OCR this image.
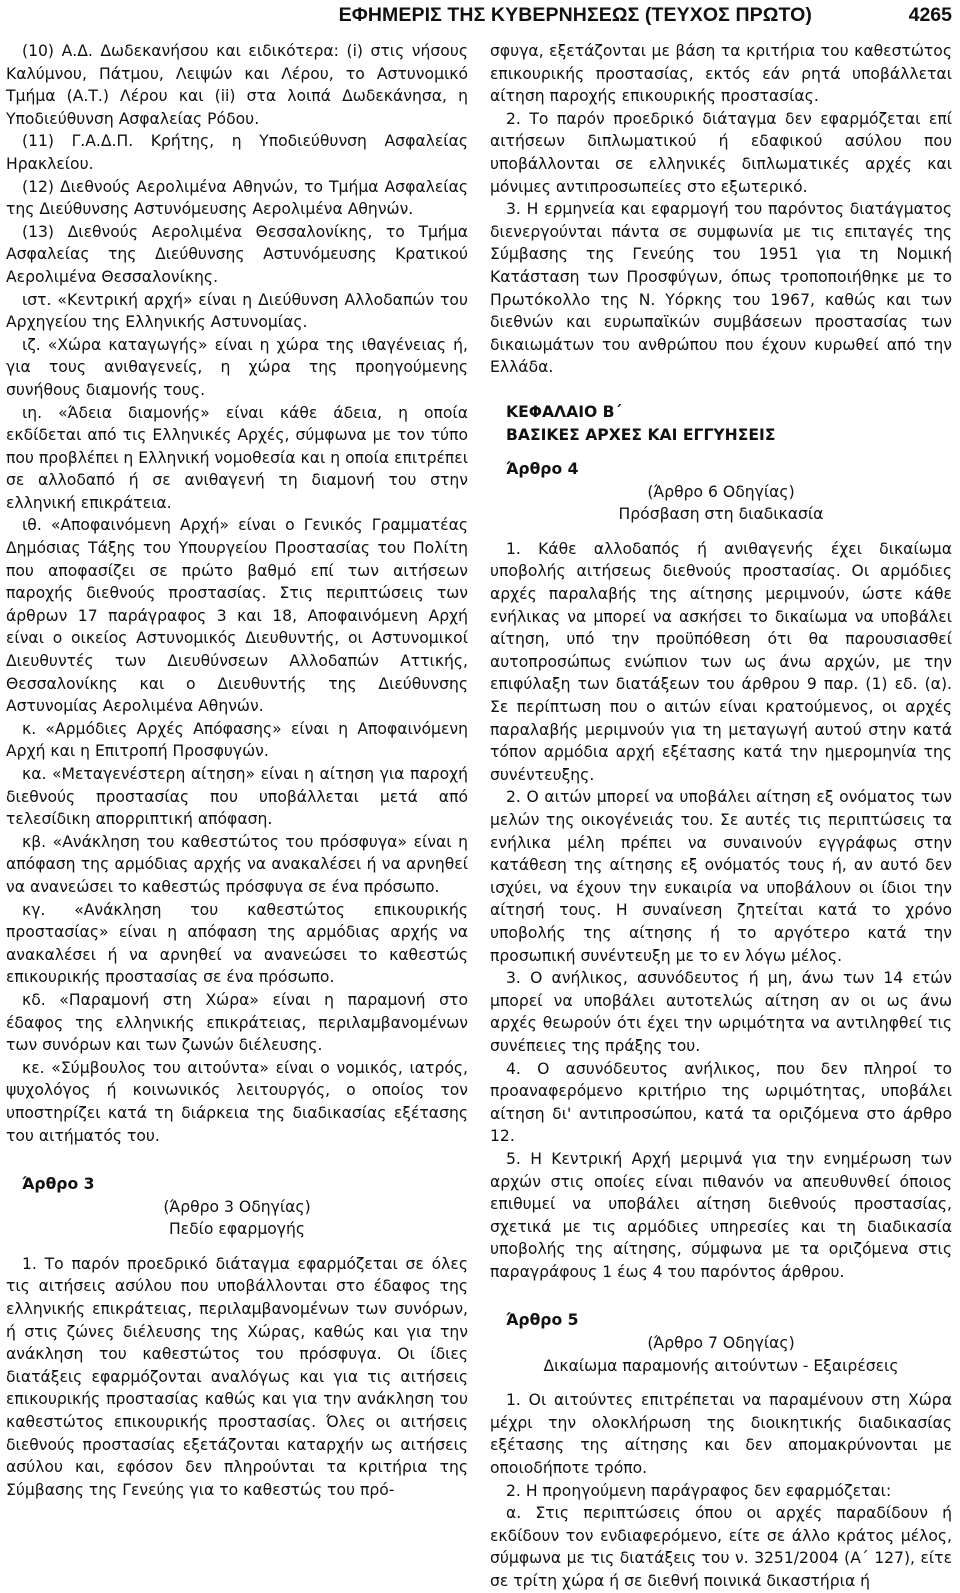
ΕΦΗΜΕΡΙΣ ΤΗΣ ΚΥΒΕΡΝΗΣΕΩΣ (ΤΕΥΧΟΣ ΠΡΩΤΟ)	4265

(10) Α.Δ. Δωδεκανήσου και ειδικότερα: (i) στις νήσους Καλύμνου, Πάτμου, Λειψών και Λέρου, το Αστυνομικό Τμήμα (Α.Τ.) Λέρου και (ii) στα λοιπά Δωδεκάνησα, η Υποδιεύθυνση Ασφαλείας Ρόδου.

(11) Γ.Α.Δ.Π. Κρήτης, η Υποδιεύθυνση Ασφαλείας Ηρακλείου.

(12) Διεθνούς Αερολιμένα Αθηνών, το Τμήμα Ασφαλείας της Διεύθυνσης Αστυνόμευσης Αερολιμένα Αθηνών.

(13) Διεθνούς Αερολιμένα Θεσσαλονίκης, το Τμήμα Ασφαλείας της Διεύθυνσης Αστυνόμευσης Κρατικού Αερολιμένα Θεσσαλονίκης.

ιστ. «Κεντρική αρχή» είναι η Διεύθυνση Αλλοδαπών του Αρχηγείου της Ελληνικής Αστυνομίας.

ιζ. «Χώρα καταγωγής» είναι η χώρα της ιθαγένειας ή, για τους ανιθαγενείς, η χώρα της προηγούμενης συνήθους διαμονής τους.

ιη. «Άδεια διαμονής» είναι κάθε άδεια, η οποία εκδίδεται από τις Ελληνικές Αρχές, σύμφωνα με τον τύπο που προβλέπει η Ελληνική νομοθεσία και η οποία επιτρέπει σε αλλοδαπό ή σε ανιθαγενή τη διαμονή του στην ελληνική επικράτεια.

ιθ. «Αποφαινόμενη Αρχή» είναι ο Γενικός Γραμματέας Δημόσιας Τάξης του Υπουργείου Προστασίας του Πολίτη που αποφασίζει σε πρώτο βαθμό επί των αιτήσεων παροχής διεθνούς προστασίας. Στις περιπτώσεις των άρθρων 17 παράγραφος 3 και 18, Αποφαινόμενη Αρχή είναι ο οικείος Αστυνομικός Διευθυντής, οι Αστυνομικοί Διευθυντές των Διευθύνσεων Αλλοδαπών Αττικής, Θεσσαλονίκης και ο Διευθυντής της Διεύθυνσης Αστυνομίας Αερολιμένα Αθηνών.

κ. «Αρμόδιες Αρχές Απόφασης» είναι η Αποφαινόμενη Αρχή και η Επιτροπή Προσφυγών.

κα. «Μεταγενέστερη αίτηση» είναι η αίτηση για παροχή διεθνούς προστασίας που υποβάλλεται μετά από τελεσίδικη απορριπτική απόφαση.

κβ. «Ανάκληση του καθεστώτος του πρόσφυγα» είναι η απόφαση της αρμόδιας αρχής να ανακαλέσει ή να αρνηθεί να ανανεώσει το καθεστώς πρόσφυγα σε ένα πρόσωπο.

κγ. «Ανάκληση του καθεστώτος επικουρικής προστασίας» είναι η απόφαση της αρμόδιας αρχής να ανακαλέσει ή να αρνηθεί να ανανεώσει το καθεστώς επικουρικής προστασίας σε ένα πρόσωπο.

κδ. «Παραμονή στη Χώρα» είναι η παραμονή στο έδαφος της ελληνικής επικράτειας, περιλαμβανομένων των συνόρων και των ζωνών διέλευσης.

κε. «Σύμβουλος του αιτούντα» είναι ο νομικός, ιατρός, ψυχολόγος ή κοινωνικός λειτουργός, ο οποίος τον υποστηρίζει κατά τη διάρκεια της διαδικασίας εξέτασης του αιτήματός του.

Άρθρο 3

(Άρθρο 3 Οδηγίας)

Πεδίο εφαρμογής

1. Το παρόν προεδρικό διάταγμα εφαρμόζεται σε όλες τις αιτήσεις ασύλου που υποβάλλονται στο έδαφος της ελληνικής επικράτειας, περιλαμβανομένων των συνόρων, ή στις ζώνες διέλευσης της Χώρας, καθώς και για την ανάκληση του καθεστώτος του πρόσφυγα. Οι ίδιες διατάξεις εφαρμόζονται αναλόγως και για τις αιτήσεις επικουρικής προστασίας καθώς και για την ανάκληση του καθεστώτος επικουρικής προστασίας. Όλες οι αιτήσεις διεθνούς προστασίας εξετάζονται καταρχήν ως αιτήσεις ασύλου και, εφόσον δεν πληρούνται τα κριτήρια της Σύμβασης της Γενεύης για το καθεστώς του πρό-

σφυγα, εξετάζονται με βάση τα κριτήρια του καθεστώτος επικουρικής προστασίας, εκτός εάν ρητά υποβάλλεται αίτηση παροχής επικουρικής προστασίας.

2. Το παρόν προεδρικό διάταγμα δεν εφαρμόζεται επί αιτήσεων διπλωματικού ή εδαφικού ασύλου που υποβάλλονται σε ελληνικές διπλωματικές αρχές και μόνιμες αντιπροσωπείες στο εξωτερικό.

3. Η ερμηνεία και εφαρμογή του παρόντος διατάγματος διενεργούνται πάντα σε συμφωνία με τις επιταγές της Σύμβασης της Γενεύης του 1951 για τη Νομική Κατάσταση των Προσφύγων, όπως τροποποιήθηκε με το Πρωτόκολλο της Ν. Υόρκης του 1967, καθώς και των διεθνών και ευρωπαϊκών συμβάσεων προστασίας των δικαιωμάτων του ανθρώπου που έχουν κυρωθεί από την Ελλάδα.

ΚΕΦΑΛΑΙΟ Β΄

ΒΑΣΙΚΕΣ ΑΡΧΕΣ ΚΑΙ ΕΓΓΥΗΣΕΙΣ

Άρθρο 4

(Άρθρο 6 Οδηγίας)

Πρόσβαση στη διαδικασία

1. Κάθε αλλοδαπός ή ανιθαγενής έχει δικαίωμα υποβολής αιτήσεως διεθνούς προστασίας. Οι αρμόδιες αρχές παραλαβής της αίτησης μεριμνούν, ώστε κάθε ενήλικας να μπορεί να ασκήσει το δικαίωμα να υποβάλει αίτηση, υπό την προϋπόθεση ότι θα παρουσιασθεί αυτοπροσώπως ενώπιον των ως άνω αρχών, με την επιφύλαξη των διατάξεων του άρθρου 9 παρ. (1) εδ. (α). Σε περίπτωση που ο αιτών είναι κρατούμενος, οι αρχές παραλαβής μεριμνούν για τη μεταγωγή αυτού στην κατά τόπον αρμόδια αρχή εξέτασης κατά την ημερομηνία της συνέντευξης.

2. Ο αιτών μπορεί να υποβάλει αίτηση εξ ονόματος των μελών της οικογένειάς του. Σε αυτές τις περιπτώσεις τα ενήλικα μέλη πρέπει να συναινούν εγγράφως στην κατάθεση της αίτησης εξ ονόματός τους ή, αν αυτό δεν ισχύει, να έχουν την ευκαιρία να υποβάλουν οι ίδιοι την αίτησή τους. Η συναίνεση ζητείται κατά το χρόνο υποβολής της αίτησης ή το αργότερο κατά την προσωπική συνέντευξη με το εν λόγω μέλος.

3. Ο ανήλικος, ασυνόδευτος ή μη, άνω των 14 ετών μπορεί να υποβάλει αυτοτελώς αίτηση αν οι ως άνω αρχές θεωρούν ότι έχει την ωριμότητα να αντιληφθεί τις συνέπειες της πράξης του.

4. Ο ασυνόδευτος ανήλικος, που δεν πληροί το προαναφερόμενο κριτήριο της ωριμότητας, υποβάλει αίτηση δι' αντιπροσώπου, κατά τα οριζόμενα στο άρθρο 12.

5. Η Κεντρική Αρχή μεριμνά για την ενημέρωση των αρχών στις οποίες είναι πιθανόν να απευθυνθεί όποιος επιθυμεί να υποβάλει αίτηση διεθνούς προστασίας, σχετικά με τις αρμόδιες υπηρεσίες και τη διαδικασία υποβολής της αίτησης, σύμφωνα με τα οριζόμενα στις παραγράφους 1 έως 4 του παρόντος άρθρου.

Άρθρο 5

(Άρθρο 7 Οδηγίας)

Δικαίωμα παραμονής αιτούντων - Εξαιρέσεις

1. Οι αιτούντες επιτρέπεται να παραμένουν στη Χώρα μέχρι την ολοκλήρωση της διοικητικής διαδικασίας εξέτασης της αίτησης και δεν απομακρύνονται με οποιοδήποτε τρόπο.

2. Η προηγούμενη παράγραφος δεν εφαρμόζεται:

α. Στις περιπτώσεις όπου οι αρχές παραδίδουν ή εκδίδουν τον ενδιαφερόμενο, είτε σε άλλο κράτος μέλος, σύμφωνα με τις διατάξεις του ν. 3251/2004 (Α΄ 127), είτε σε τρίτη χώρα ή σε διεθνή ποινικά δικαστήρια ή
